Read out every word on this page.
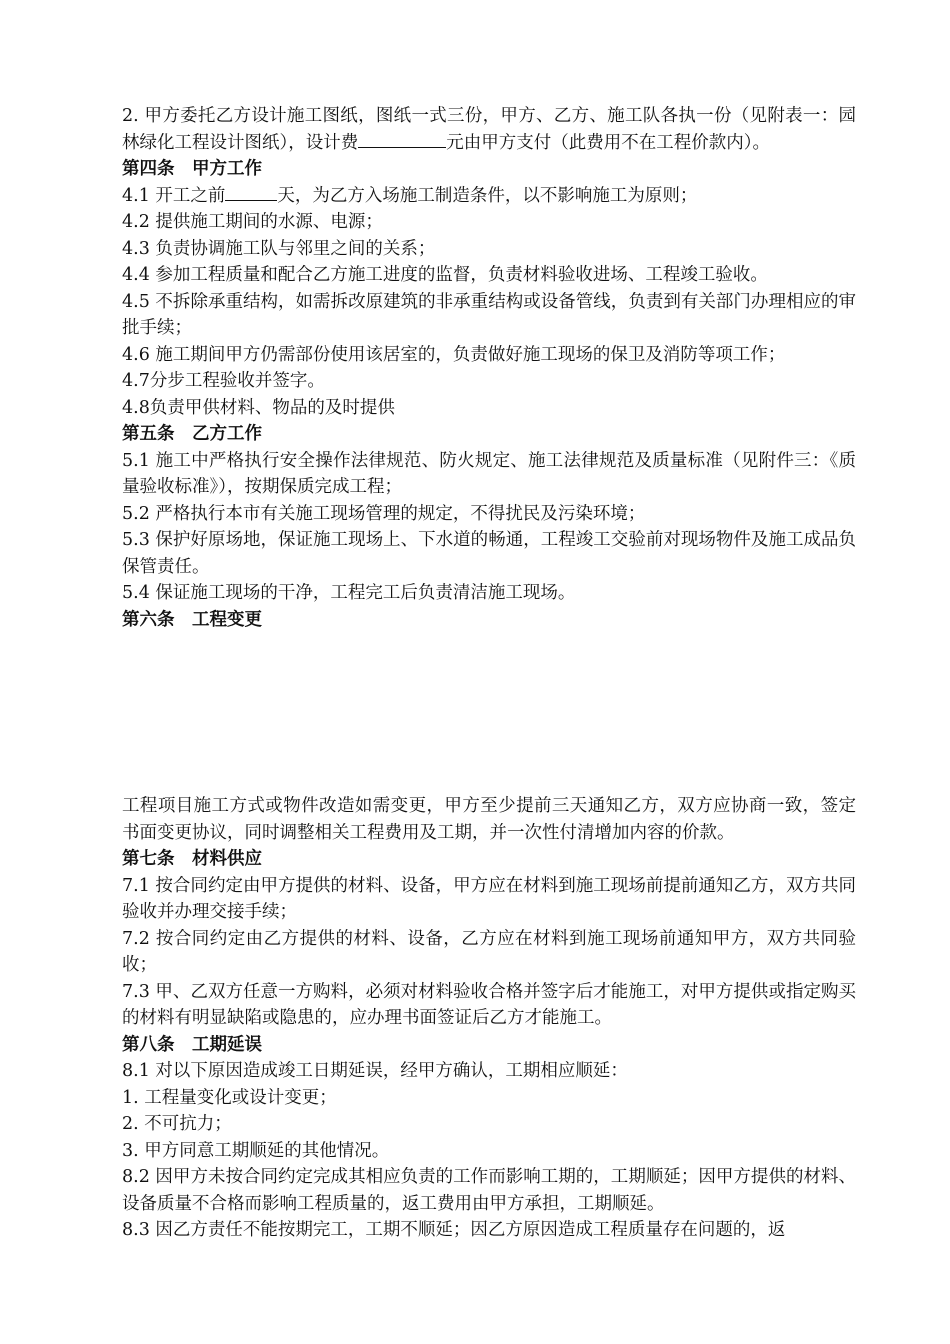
2. 甲方委托乙方设计施工图纸，图纸一式三份，甲方、乙方、施工队各执一份（见附表一：园林绿化工程设计图纸），设计费	元由甲方支付（此费用不在工程价款内）。

第四条　甲方工作

4.1 开工之前	天，为乙方入场施工制造条件，以不影响施工为原则；

4.2 提供施工期间的水源、电源；

4.3 负责协调施工队与邻里之间的关系；

4.4 参加工程质量和配合乙方施工进度的监督，负责材料验收进场、工程竣工验收。

4.5 不拆除承重结构，如需拆改原建筑的非承重结构或设备管线，负责到有关部门办理相应的审批手续；

4.6 施工期间甲方仍需部份使用该居室的，负责做好施工现场的保卫及消防等项工作；

4.7分步工程验收并签字。

4.8负责甲供材料、物品的及时提供

第五条　乙方工作

5.1 施工中严格执行安全操作法律规范、防火规定、施工法律规范及质量标准（见附件三：《质量验收标准》），按期保质完成工程；

5.2 严格执行本市有关施工现场管理的规定，不得扰民及污染环境；

5.3 保护好原场地，保证施工现场上、下水道的畅通，工程竣工交验前对现场物件及施工成品负保管责任。

5.4 保证施工现场的干净，工程完工后负责清洁施工现场。

第六条　工程变更

工程项目施工方式或物件改造如需变更，甲方至少提前三天通知乙方，双方应协商一致，签定书面变更协议，同时调整相关工程费用及工期，并一次性付清增加内容的价款。

第七条　材料供应

7.1 按合同约定由甲方提供的材料、设备，甲方应在材料到施工现场前提前通知乙方，双方共同验收并办理交接手续；

7.2 按合同约定由乙方提供的材料、设备，乙方应在材料到施工现场前通知甲方，双方共同验收；

7.3 甲、乙双方任意一方购料，必须对材料验收合格并签字后才能施工，对甲方提供或指定购买的材料有明显缺陷或隐患的，应办理书面签证后乙方才能施工。

第八条　工期延误

8.1 对以下原因造成竣工日期延误，经甲方确认，工期相应顺延：

1. 工程量变化或设计变更；

2. 不可抗力；

3. 甲方同意工期顺延的其他情况。

8.2 因甲方未按合同约定完成其相应负责的工作而影响工期的，工期顺延；因甲方提供的材料、设备质量不合格而影响工程质量的，返工费用由甲方承担，工期顺延。

8.3 因乙方责任不能按期完工，工期不顺延；因乙方原因造成工程质量存在问题的，返
